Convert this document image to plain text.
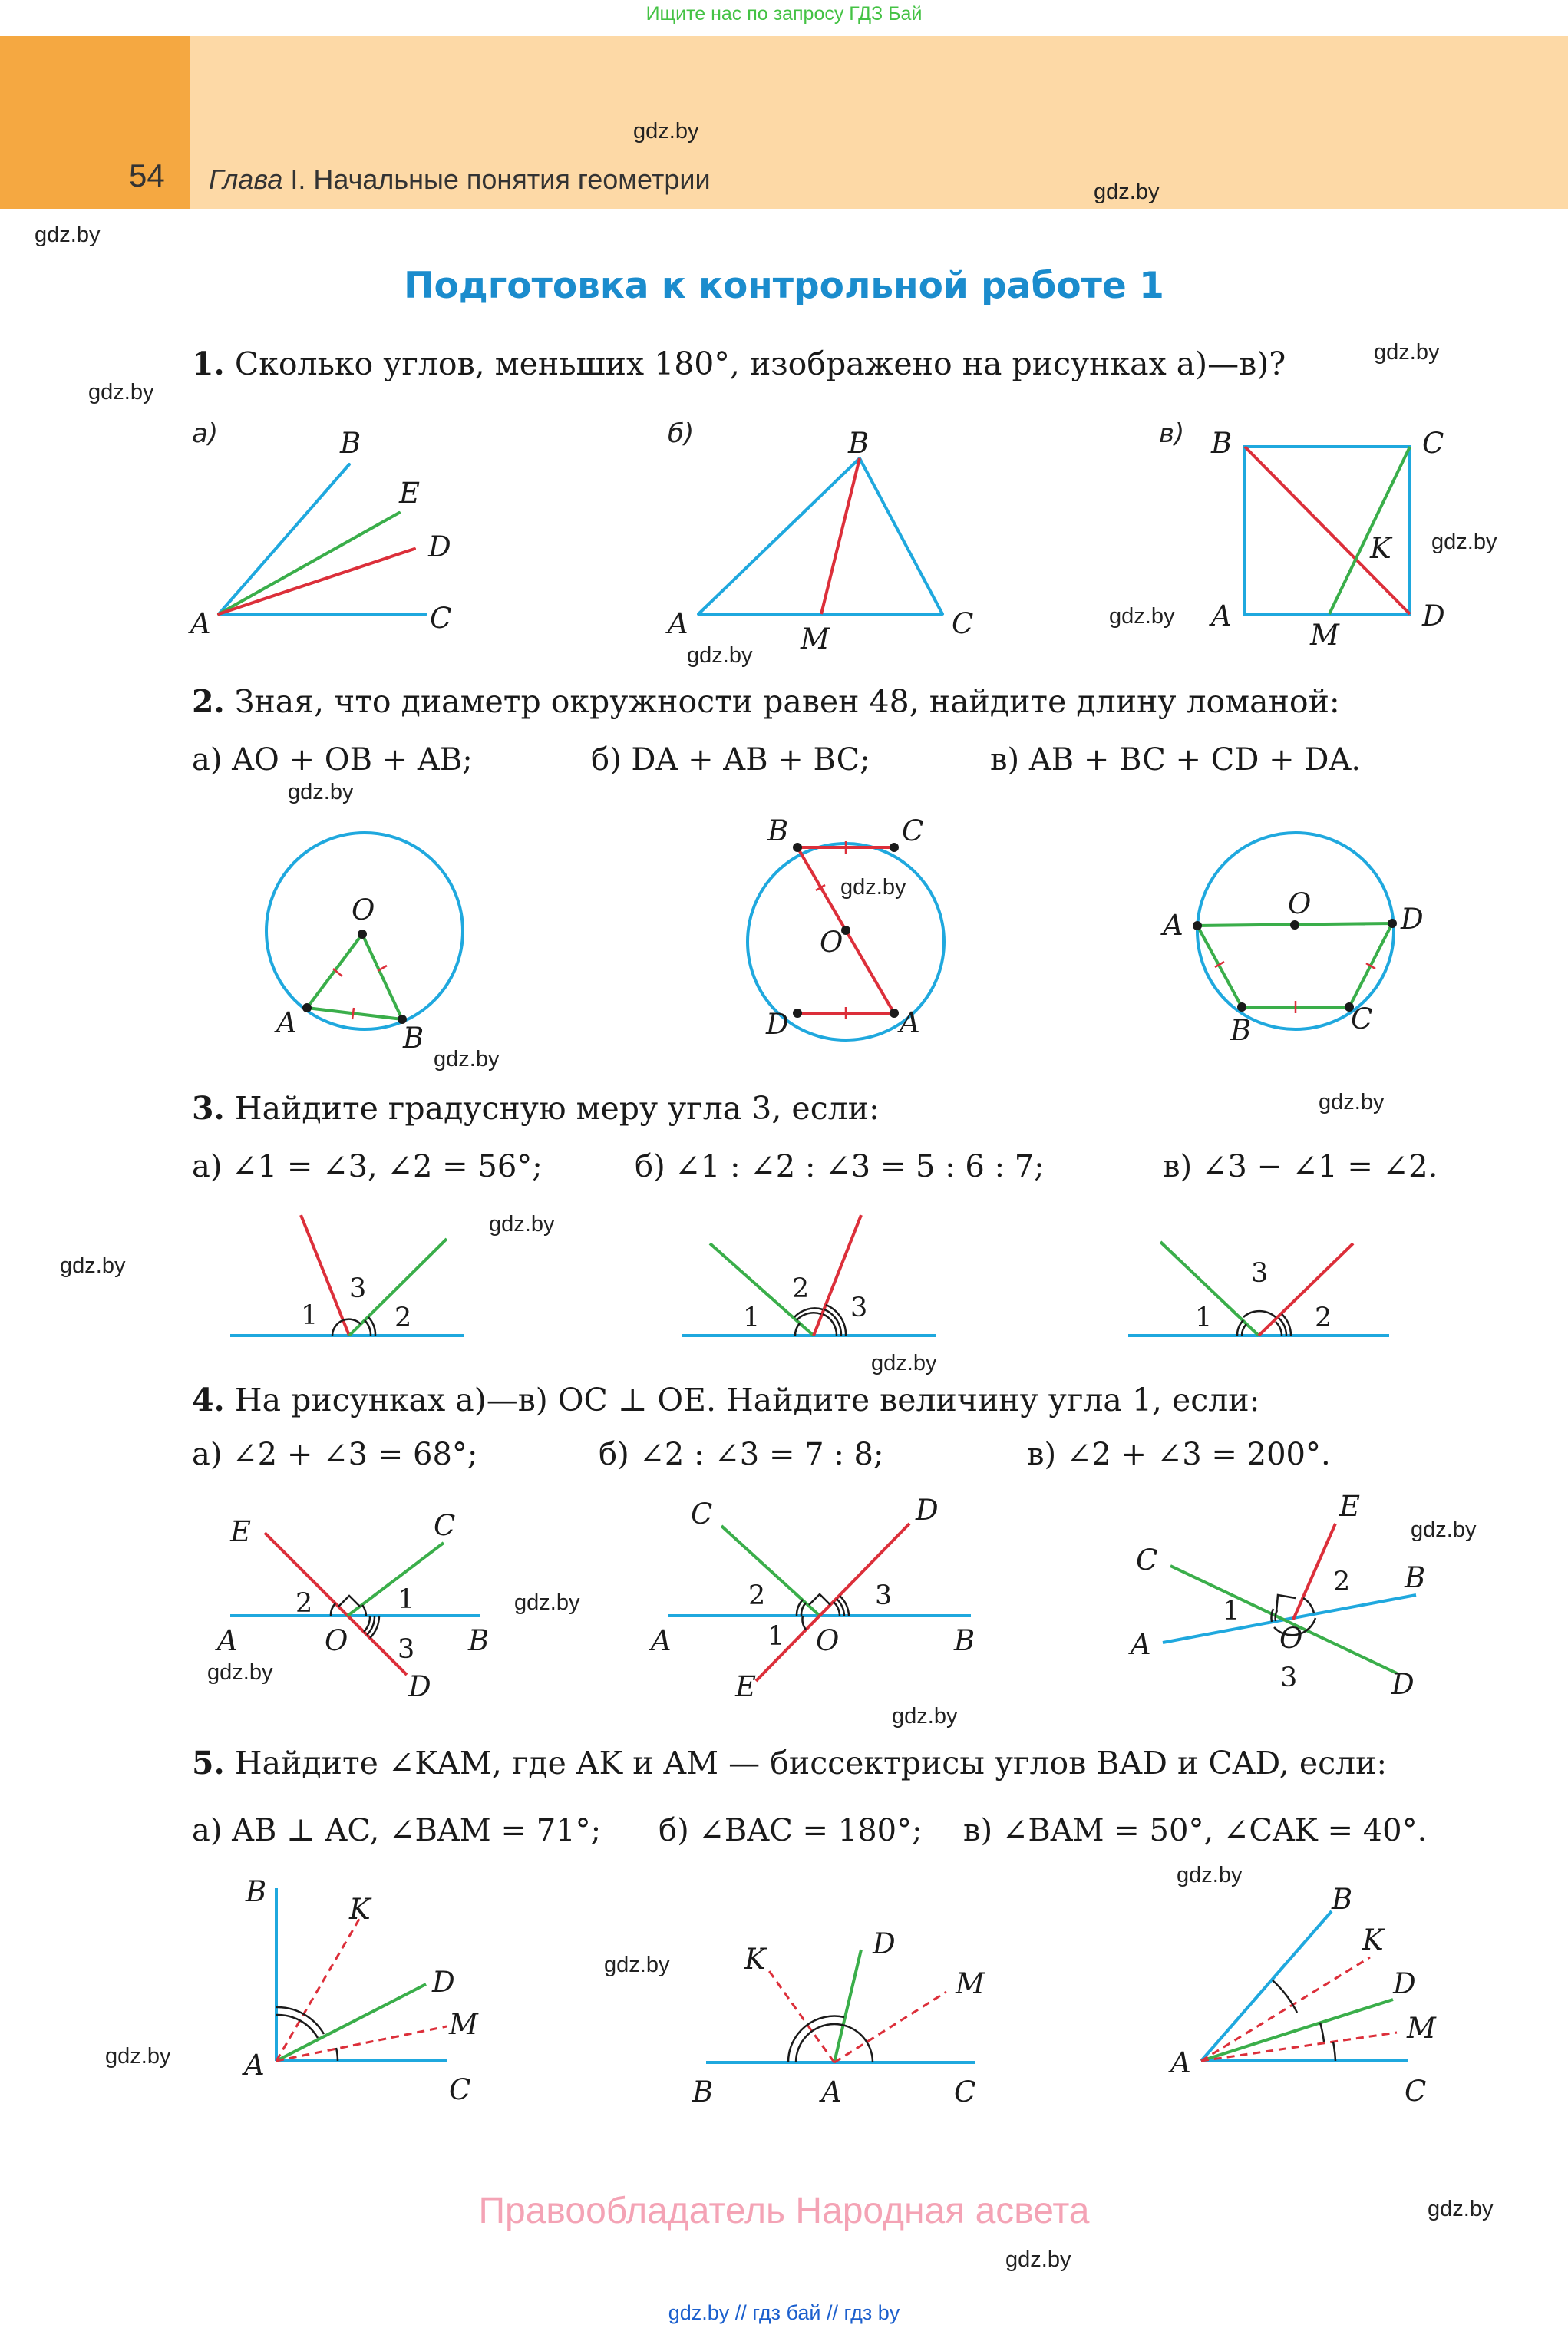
Ищите нас по запросу ГДЗ Бай
54 Глава I. Начальные понятия геометрии
gdz.by
gdz.by
gdz.by
gdz.by
gdz.by
gdz.by
gdz.by
gdz.by
gdz.by
gdz.by
gdz.by
gdz.by
gdz.by
gdz.by
gdz.by
gdz.by
gdz.by
gdz.by
gdz.by
gdz.by
gdz.by
gdz.by
gdz.by
gdz.by
Подготовка к контрольной работе 1
1. Сколько углов, меньших 180°, изображено на рисунках а)—в)?
а)	б)	в)
A
B
E
D
C	A
B
C
M
B	C
A	D
K
M
O
A	B
B	C
O
D	A
A
O	D
B	C
1
3
2	1
2
3	1
3
2
E	C
2	1
A	O 3 B
D
C	D
2	3
A	1 O	B
E
C
E
2 B
1
A	O
3	D
B
K
D
M
A
C
K	D
M
B	A	C
B
K
D
M
A
C
2. Зная, что диаметр окружности равен 48, найдите длину ломаной:
а) AO + OB + AB;	б) DA + AB + BC;	в) AB + BC + CD + DA.
3. Найдите градусную меру угла 3, если:
а) ∠1 = ∠3, ∠2 = 56°;	б) ∠1 : ∠2 : ∠3 = 5 : 6 : 7;	в) ∠3 − ∠1 = ∠2.
4. На рисунках а)—в) OC ⊥ OE. Найдите величину угла 1, если:
а) ∠2 + ∠3 = 68°;	б) ∠2 : ∠3 = 7 : 8;	в) ∠2 + ∠3 = 200°.
5. Найдите ∠KAM, где AK и AM — биссектрисы углов BAD и CAD, если:
а) AB ⊥ AC, ∠BAM = 71°; б) ∠BAC = 180°; в) ∠BAM = 50°, ∠CAK = 40°.
Правообладатель Народная асвета
gdz.by // гдз бай // гдз by
